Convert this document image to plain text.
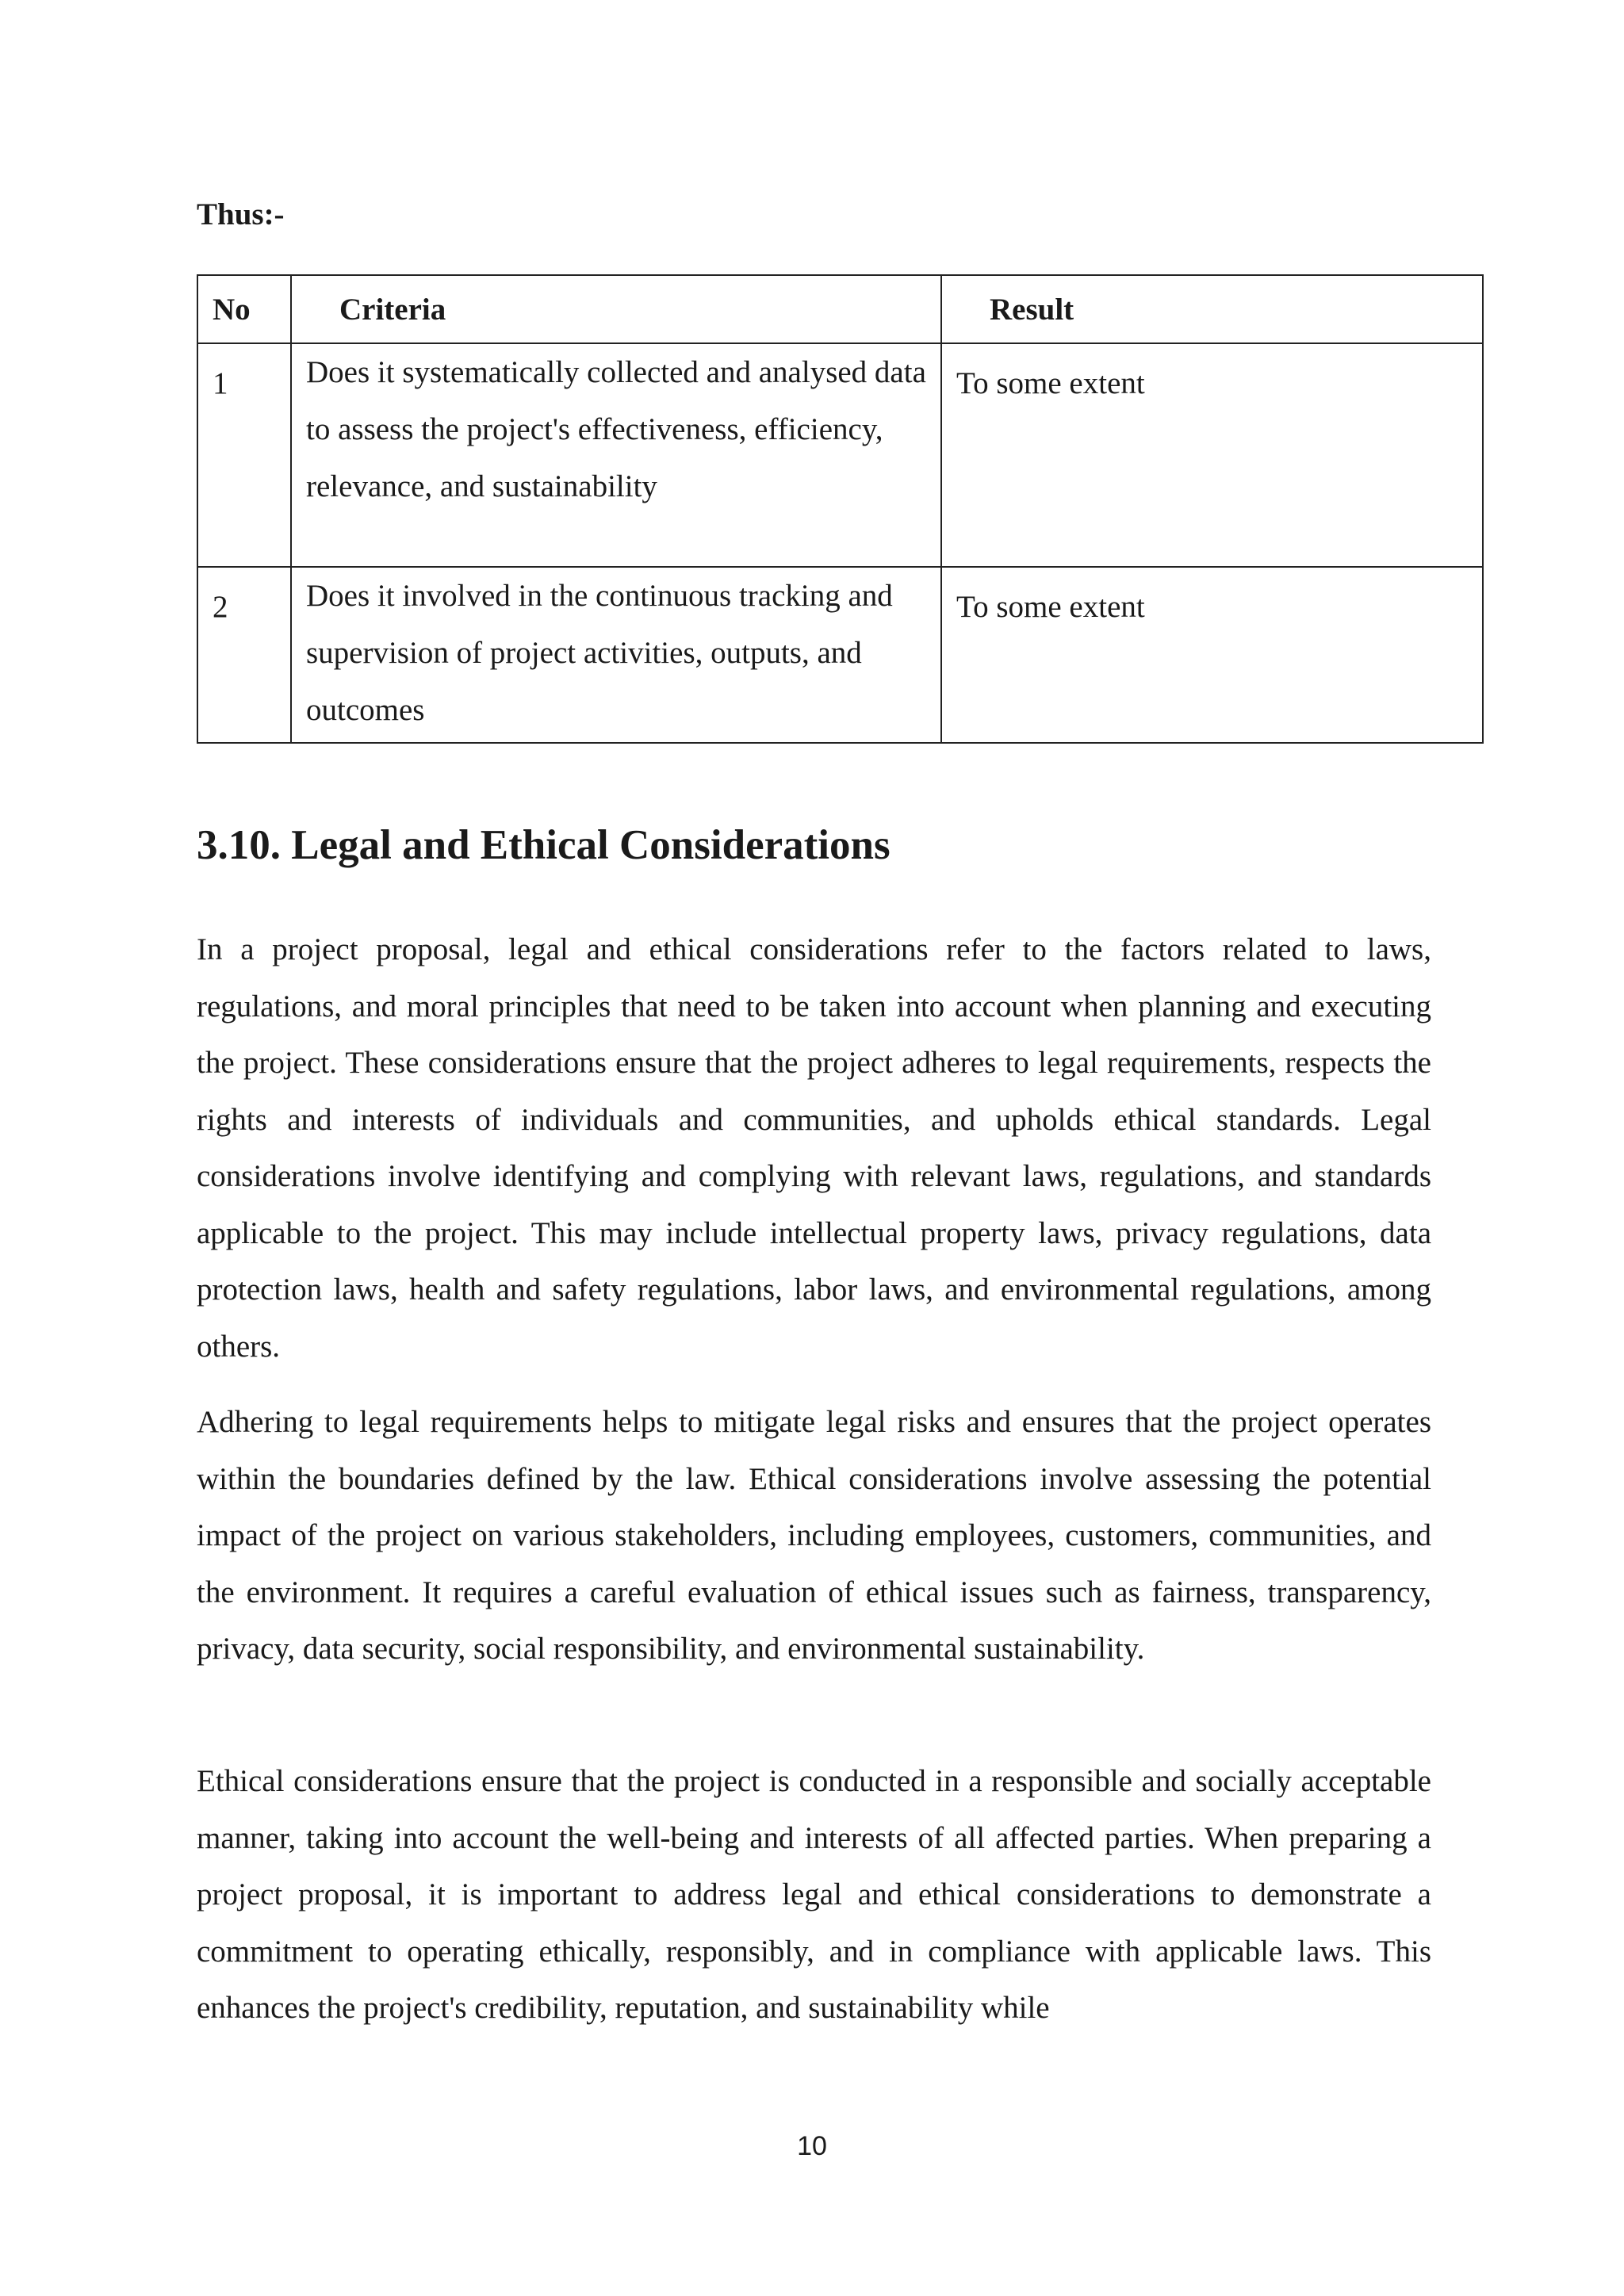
Thus:-

No	Criteria	Result
1	Does it systematically collected and analysed data to assess the project's effectiveness, efficiency, relevance, and sustainability	To some extent
2	Does it involved in the continuous tracking and supervision of project activities, outputs, and outcomes	To some extent
3.10. Legal and Ethical Considerations

In a project proposal, legal and ethical considerations refer to the factors related to laws, regulations, and moral principles that need to be taken into account when planning and executing the project. These considerations ensure that the project adheres to legal requirements, respects the rights and interests of individuals and communities, and upholds ethical standards. Legal considerations involve identifying and complying with relevant laws, regulations, and standards applicable to the project. This may include intellectual property laws, privacy regulations, data protection laws, health and safety regulations, labor laws, and environmental regulations, among others.

Adhering to legal requirements helps to mitigate legal risks and ensures that the project operates within the boundaries defined by the law. Ethical considerations involve assessing the potential impact of the project on various stakeholders, including employees, customers, communities, and the environment. It requires a careful evaluation of ethical issues such as fairness, transparency, privacy, data security, social responsibility, and environmental sustainability.

Ethical considerations ensure that the project is conducted in a responsible and socially acceptable manner, taking into account the well-being and interests of all affected parties. When preparing a project proposal, it is important to address legal and ethical considerations to demonstrate a commitment to operating ethically, responsibly, and in compliance with applicable laws. This enhances the project's credibility, reputation, and sustainability while

10
